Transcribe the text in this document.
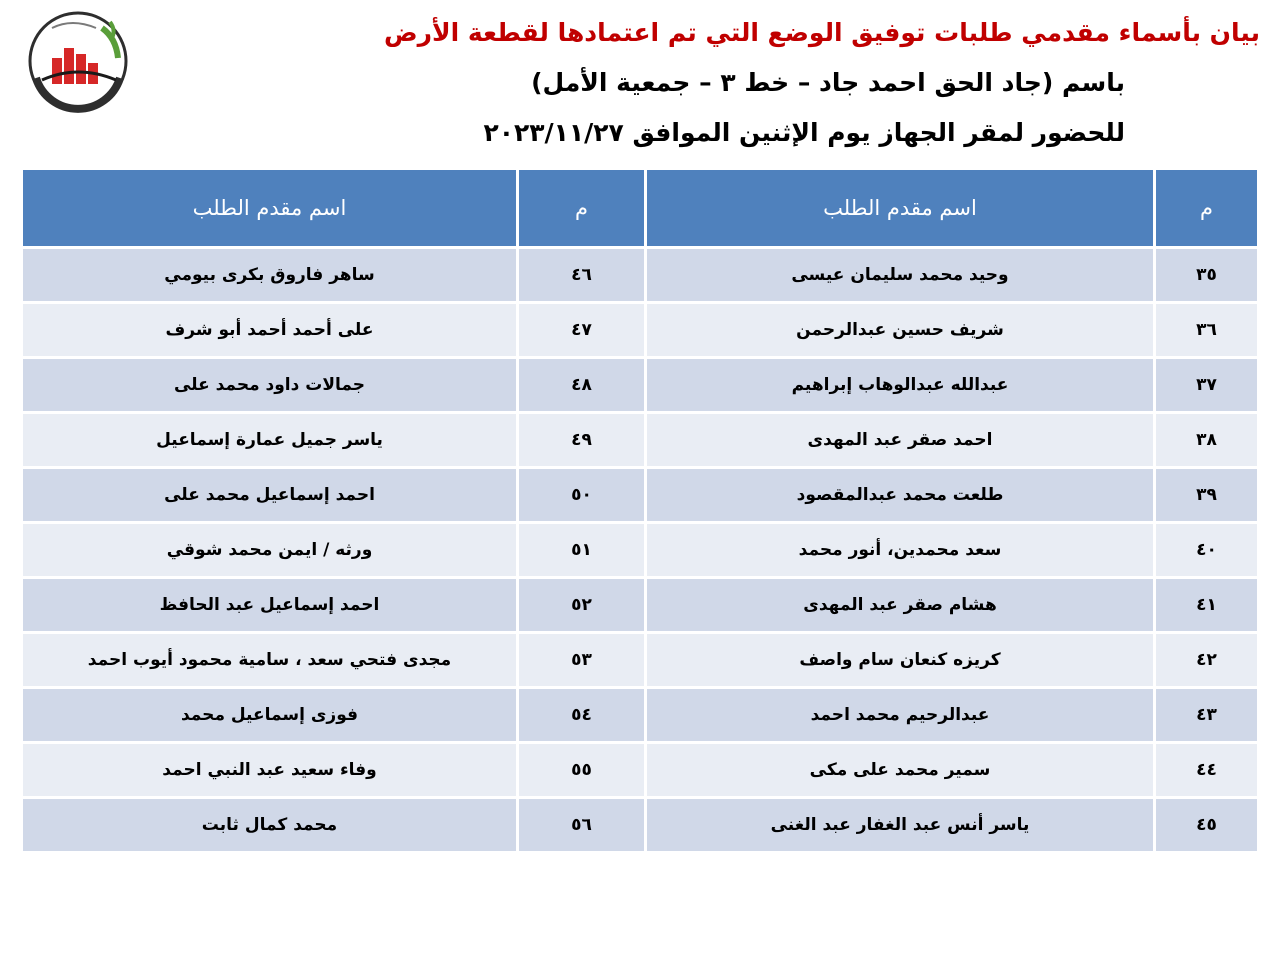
بيان بأسماء مقدمي طلبات توفيق الوضع التي تم اعتمادها لقطعة الأرض
باسم (جاد الحق احمد جاد – خط ٣ – جمعية الأمل)
للحضور لمقر الجهاز يوم الإثنين الموافق ٢٠٢٣/١١/٢٧
م	اسم مقدم الطلب	م	اسم مقدم الطلب
٣٥	وحيد محمد سليمان عيسى	٤٦	ساهر فاروق بكرى بيومي
٣٦	شريف حسين عبدالرحمن	٤٧	على أحمد أحمد أبو شرف
٣٧	عبدالله عبدالوهاب إبراهيم	٤٨	جمالات داود محمد على
٣٨	احمد صقر عبد المهدى	٤٩	ياسر جميل عمارة إسماعيل
٣٩	طلعت محمد عبدالمقصود	٥٠	احمد إسماعيل محمد على
٤٠	سعد محمدين، أنور محمد	٥١	ورثه / ايمن محمد شوقي
٤١	هشام صقر عبد المهدى	٥٢	احمد إسماعيل عبد الحافظ
٤٢	كريزه كنعان سام واصف	٥٣	مجدى فتحي سعد ، سامية محمود أيوب احمد
٤٣	عبدالرحيم محمد احمد	٥٤	فوزى إسماعيل محمد
٤٤	سمير محمد على مكى	٥٥	وفاء سعيد عبد النبي احمد
٤٥	ياسر أنس عبد الغفار عبد الغنى	٥٦	محمد كمال ثابت
